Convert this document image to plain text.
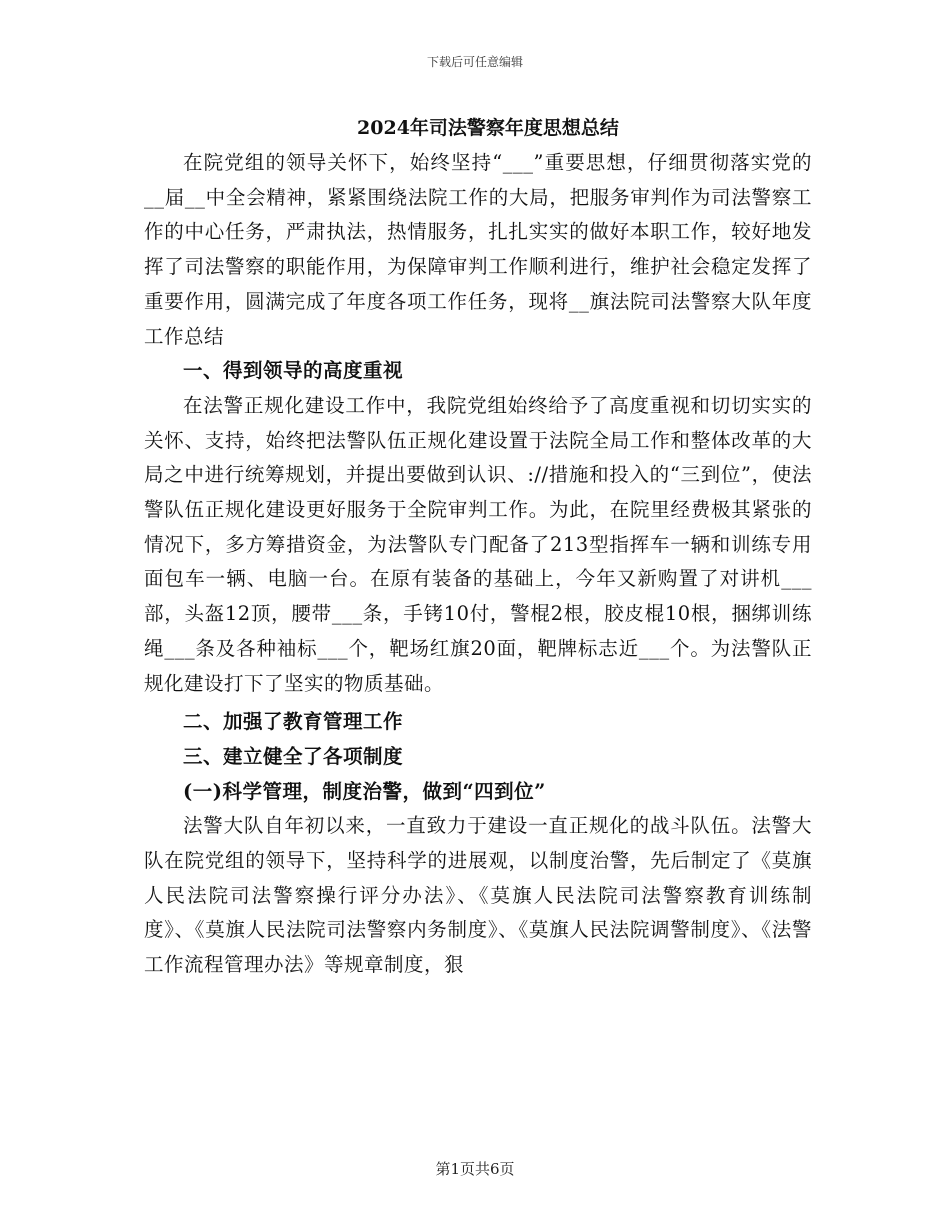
下载后可任意编辑
2024年司法警察年度思想总结

在院党组的领导关怀下，始终坚持“___”重要思想，仔细贯彻落实党的__届__中全会精神，紧紧围绕法院工作的大局，把服务审判作为司法警察工作的中心任务，严肃执法，热情服务，扎扎实实的做好本职工作，较好地发挥了司法警察的职能作用，为保障审判工作顺利进行，维护社会稳定发挥了重要作用，圆满完成了年度各项工作任务，现将__旗法院司法警察大队年度工作总结

一、得到领导的高度重视

在法警正规化建设工作中，我院党组始终给予了高度重视和切切实实的关怀、支持，始终把法警队伍正规化建设置于法院全局工作和整体改革的大局之中进行统筹规划，并提出要做到认识、://措施和投入的“三到位”，使法警队伍正规化建设更好服务于全院审判工作。为此，在院里经费极其紧张的情况下，多方筹措资金，为法警队专门配备了213型指挥车一辆和训练专用面包车一辆、电脑一台。在原有装备的基础上，今年又新购置了对讲机___部，头盔12顶，腰带___条，手铐10付，警棍2根，胶皮棍10根，捆绑训练绳___条及各种袖标___个，靶场红旗20面，靶牌标志近___个。为法警队正规化建设打下了坚实的物质基础。

二、加强了教育管理工作

三、建立健全了各项制度

(一)科学管理，制度治警，做到“四到位”

法警大队自年初以来，一直致力于建设一直正规化的战斗队伍。法警大队在院党组的领导下，坚持科学的进展观，以制度治警，先后制定了《莫旗人民法院司法警察操行评分办法》、《莫旗人民法院司法警察教育训练制度》、《莫旗人民法院司法警察内务制度》、《莫旗人民法院调警制度》、《法警工作流程管理办法》等规章制度，狠

第1页共6页
